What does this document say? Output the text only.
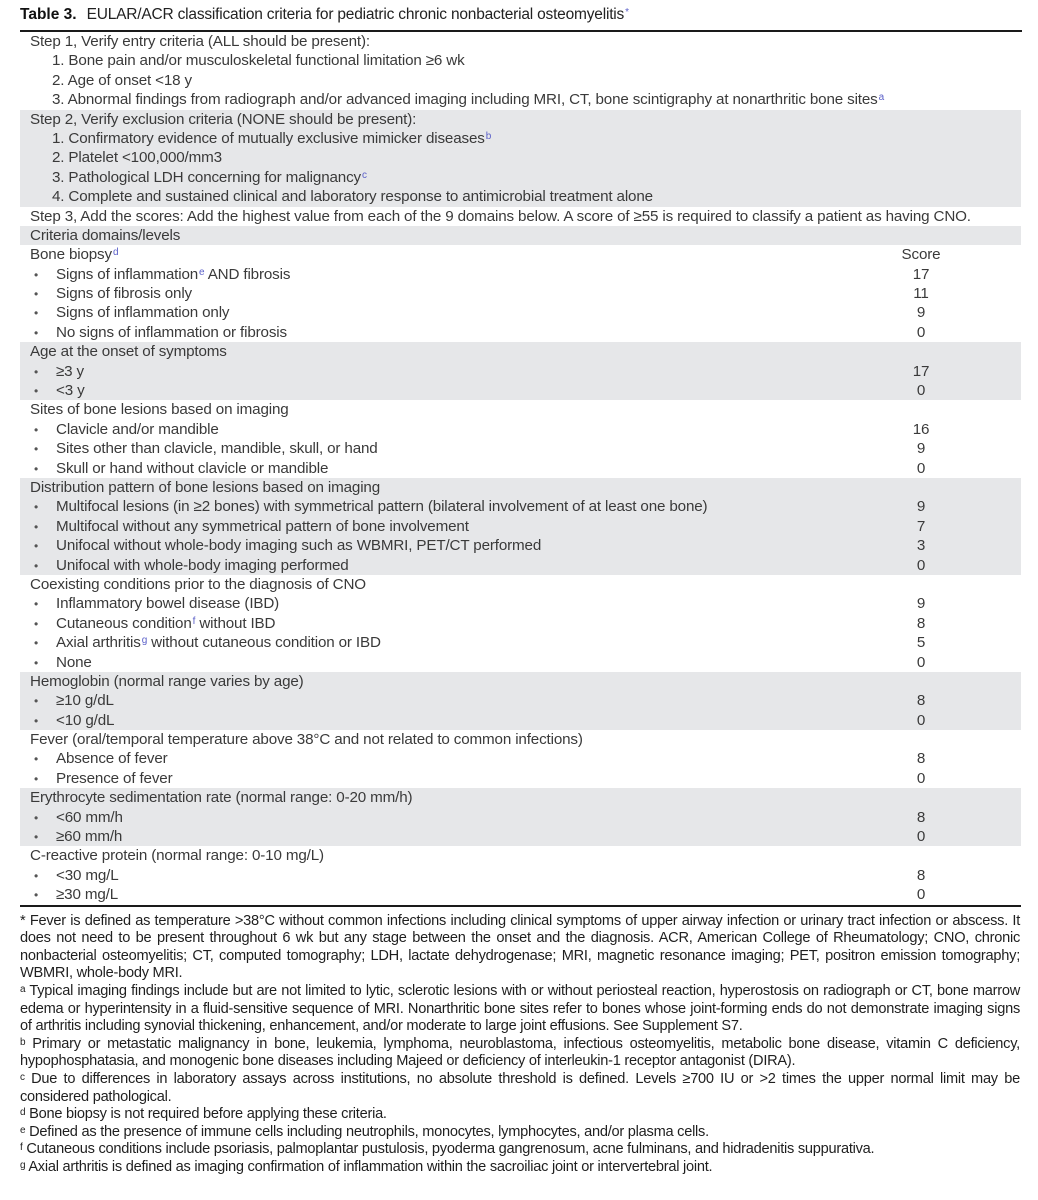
Table 3. EULAR/ACR classification criteria for pediatric chronic nonbacterial osteomyelitis*
Step 1, Verify entry criteria (ALL should be present):
1. Bone pain and/or musculoskeletal functional limitation ≥6 wk
2. Age of onset <18 y
3. Abnormal findings from radiograph and/or advanced imaging including MRI, CT, bone scintigraphy at nonarthritic bone sites$^a$
Step 2, Verify exclusion criteria (NONE should be present):
1. Confirmatory evidence of mutually exclusive mimicker diseases$^b$
2. Platelet <100,000/mm3
3. Pathological LDH concerning for malignancy$^c$
4. Complete and sustained clinical and laboratory response to antimicrobial treatment alone
Step 3, Add the scores: Add the highest value from each of the 9 domains below. A score of ≥55 is required to classify a patient as having CNO.
Criteria domains/levels
Bone biopsy$^d$	Score
• Signs of inflammation$^e$ AND fibrosis	17
• Signs of fibrosis only	11
• Signs of inflammation only	9
• No signs of inflammation or fibrosis	0
Age at the onset of symptoms
• ≥3 y	17
• <3 y	0
Sites of bone lesions based on imaging
• Clavicle and/or mandible	16
• Sites other than clavicle, mandible, skull, or hand	9
• Skull or hand without clavicle or mandible	0
Distribution pattern of bone lesions based on imaging
• Multifocal lesions (in ≥2 bones) with symmetrical pattern (bilateral involvement of at least one bone)	9
• Multifocal without any symmetrical pattern of bone involvement	7
• Unifocal without whole-body imaging such as WBMRI, PET/CT performed	3
• Unifocal with whole-body imaging performed	0
Coexisting conditions prior to the diagnosis of CNO
• Inflammatory bowel disease (IBD)	9
• Cutaneous condition$^f$ without IBD	8
• Axial arthritis$^g$ without cutaneous condition or IBD	5
• None	0
Hemoglobin (normal range varies by age)
• ≥10 g/dL	8
• <10 g/dL	0
Fever (oral/temporal temperature above 38°C and not related to common infections)
• Absence of fever	8
• Presence of fever	0
Erythrocyte sedimentation rate (normal range: 0-20 mm/h)
• <60 mm/h	8
• ≥60 mm/h	0
C-reactive protein (normal range: 0-10 mg/L)
• <30 mg/L	8
• ≥30 mg/L	0

* Fever is defined as temperature >38°C without common infections including clinical symptoms of upper airway infection or urinary tract infection or abscess. It does not need to be present throughout 6 wk but any stage between the onset and the diagnosis. ACR, American College of Rheumatology; CNO, chronic nonbacterial osteomyelitis; CT, computed tomography; LDH, lactate dehydrogenase; MRI, magnetic resonance imaging; PET, positron emission tomography; WBMRI, whole-body MRI.

$^a$ Typical imaging findings include but are not limited to lytic, sclerotic lesions with or without periosteal reaction, hyperostosis on radiograph or CT, bone marrow edema or hyperintensity in a fluid-sensitive sequence of MRI. Nonarthritic bone sites refer to bones whose joint-forming ends do not demonstrate imaging signs of arthritis including synovial thickening, enhancement, and/or moderate to large joint effusions. See Supplement S7.

$^b$ Primary or metastatic malignancy in bone, leukemia, lymphoma, neuroblastoma, infectious osteomyelitis, metabolic bone disease, vitamin C deficiency, hypophosphatasia, and monogenic bone diseases including Majeed or deficiency of interleukin-1 receptor antagonist (DIRA).

$^c$ Due to differences in laboratory assays across institutions, no absolute threshold is defined. Levels ≥700 IU or >2 times the upper normal limit may be considered pathological.

$^d$ Bone biopsy is not required before applying these criteria.

$^e$ Defined as the presence of immune cells including neutrophils, monocytes, lymphocytes, and/or plasma cells.

$^f$ Cutaneous conditions include psoriasis, palmoplantar pustulosis, pyoderma gangrenosum, acne fulminans, and hidradenitis suppurativa.

$^g$ Axial arthritis is defined as imaging confirmation of inflammation within the sacroiliac joint or intervertebral joint.
